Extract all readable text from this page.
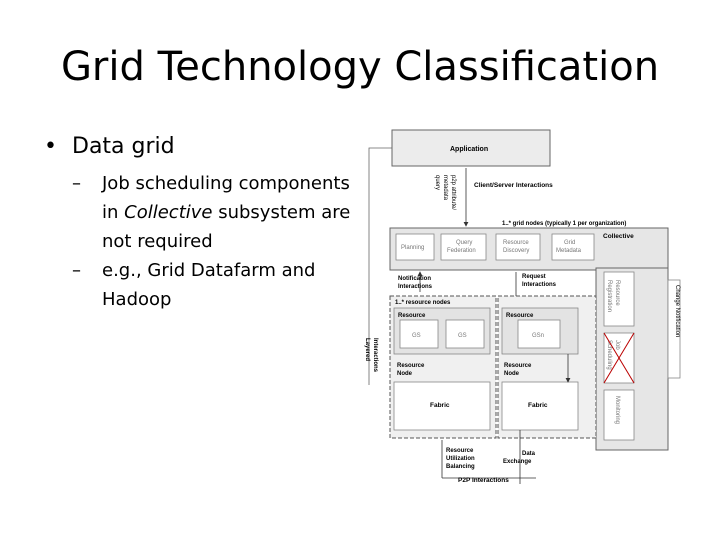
Grid Technology Classification
• Data grid
– Job scheduling components in Collective subsystem are not required
– e.g., Grid Datafarm and Hadoop
Application
p2p attribute/
metadata
query	Client/Server Interactions
1..* grid nodes (typically 1 per organization)
Layered Interactions
Collective
Planning
Query
Federation
Resource
Discovery
Grid
Metadata
Resource
Registration
Job
Scheduling
Monitoring
Change Notification
Notification
Interactions
Request
Interactions
1..* resource nodes
Resource
GS	GS
Resource
GSn
Resource
Node
Resource
Node
Fabric	Fabric
Resource
Utilization
Balancing
Data
Exchange
P2P Interactions
